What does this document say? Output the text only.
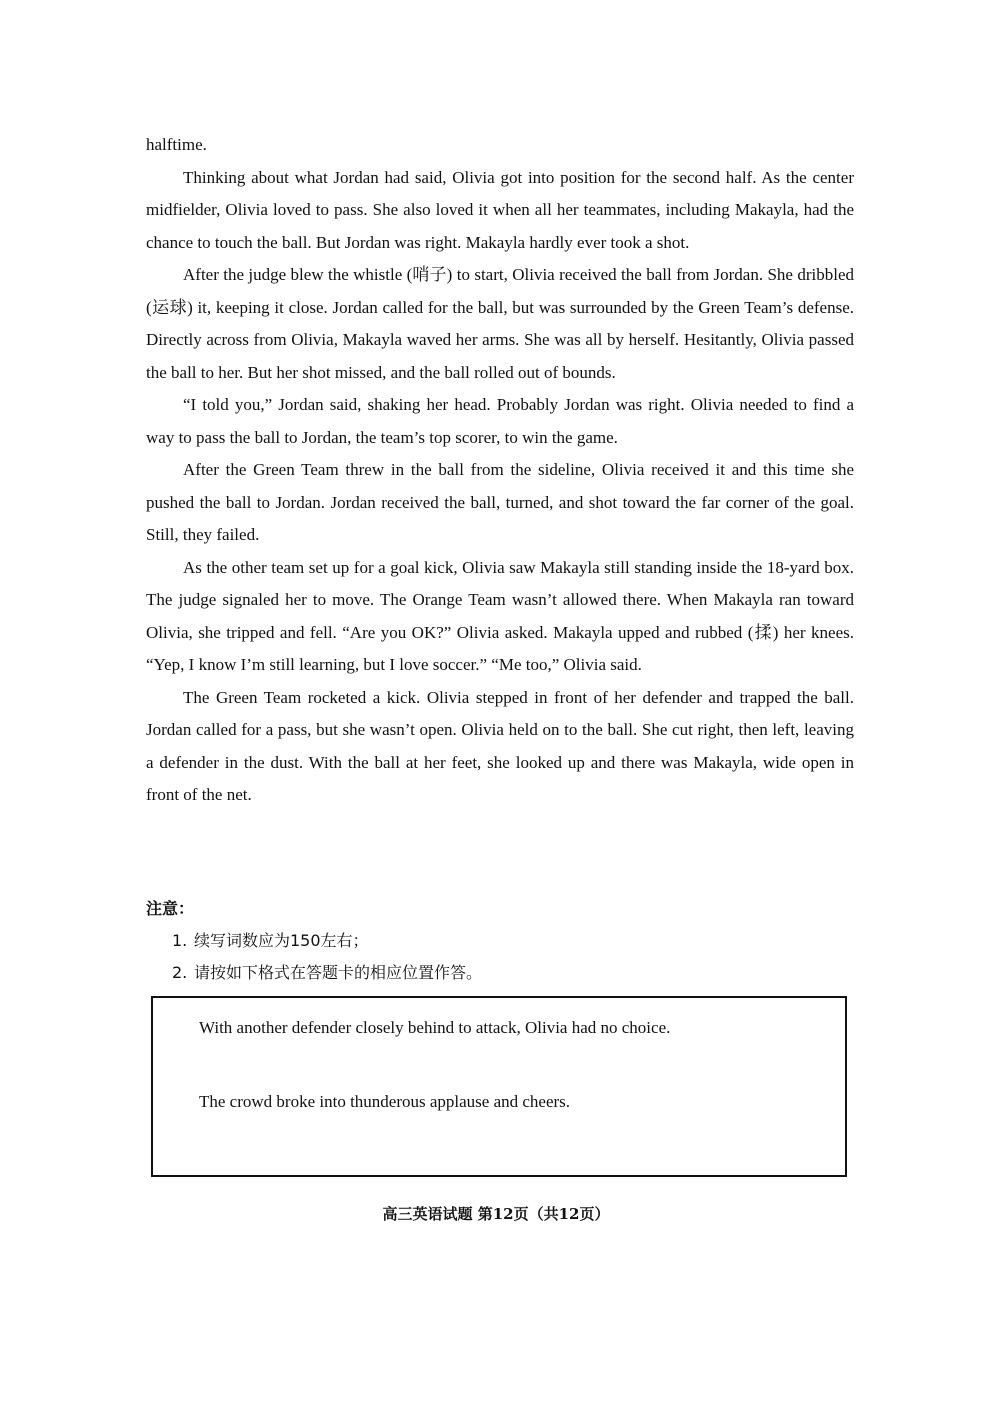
halftime.

Thinking about what Jordan had said, Olivia got into position for the second half. As the center midfielder, Olivia loved to pass. She also loved it when all her teammates, including Makayla, had the chance to touch the ball. But Jordan was right. Makayla hardly ever took a shot.

After the judge blew the whistle (哨子) to start, Olivia received the ball from Jordan. She dribbled (运球) it, keeping it close. Jordan called for the ball, but was surrounded by the Green Team’s defense. Directly across from Olivia, Makayla waved her arms. She was all by herself. Hesitantly, Olivia passed the ball to her. But her shot missed, and the ball rolled out of bounds.

“I told you,” Jordan said, shaking her head. Probably Jordan was right. Olivia needed to find a way to pass the ball to Jordan, the team’s top scorer, to win the game.

After the Green Team threw in the ball from the sideline, Olivia received it and this time she pushed the ball to Jordan. Jordan received the ball, turned, and shot toward the far corner of the goal. Still, they failed.

As the other team set up for a goal kick, Olivia saw Makayla still standing inside the 18-yard box. The judge signaled her to move. The Orange Team wasn’t allowed there. When Makayla ran toward Olivia, she tripped and fell. “Are you OK?” Olivia asked. Makayla upped and rubbed (揉) her knees. “Yep, I know I’m still learning, but I love soccer.” “Me too,” Olivia said.

The Green Team rocketed a kick. Olivia stepped in front of her defender and trapped the ball. Jordan called for a pass, but she wasn’t open. Olivia held on to the ball. She cut right, then left, leaving a defender in the dust. With the ball at her feet, she looked up and there was Makayla, wide open in front of the net.

注意：

1. 续写词数应为150左右；
2. 请按如下格式在答题卡的相应位置作答。
With another defender closely behind to attack, Olivia had no choice.
The crowd broke into thunderous applause and cheers.
高三英语试题 第12页（共12页）
